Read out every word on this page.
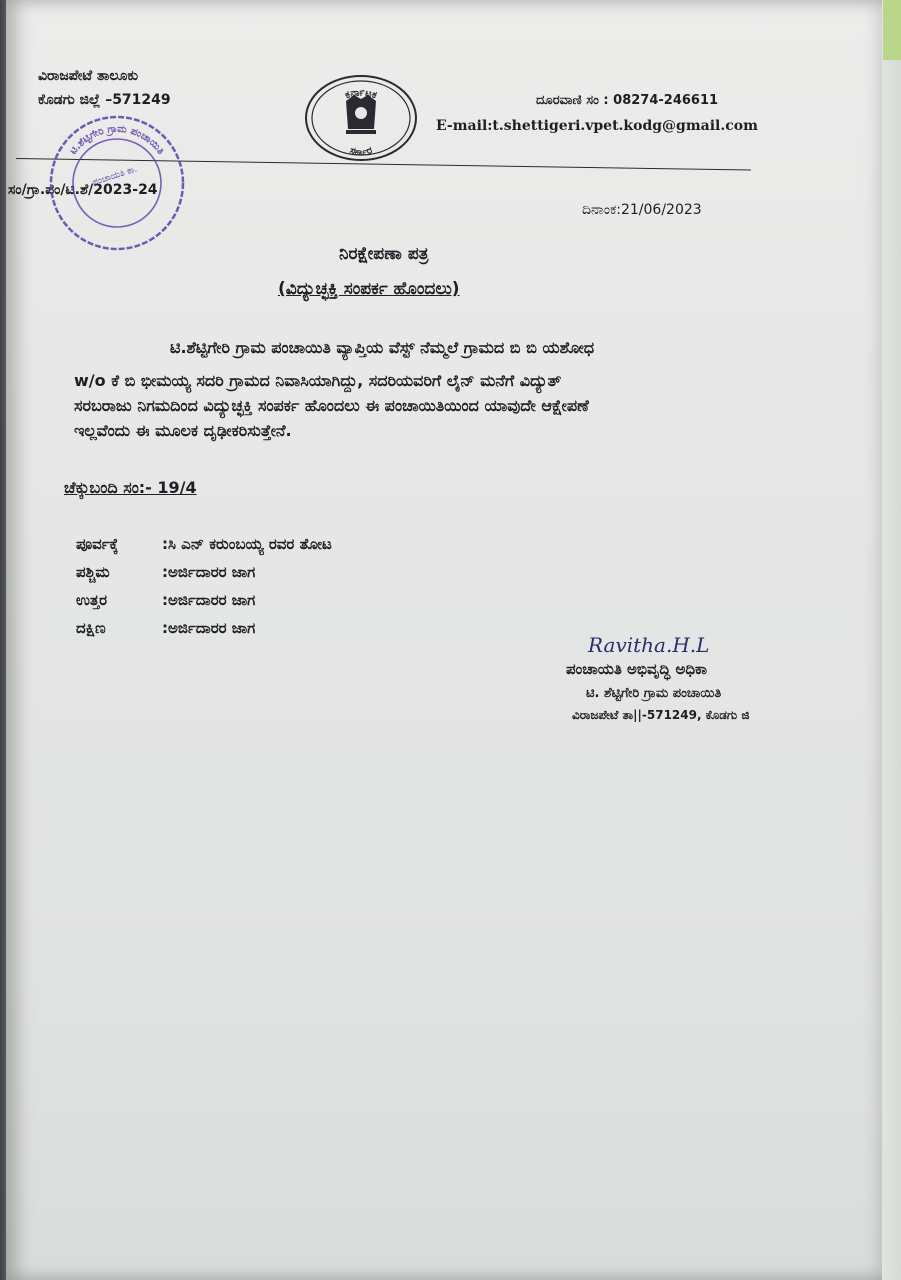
ವಿರಾಜಪೇಟೆ ತಾಲೂಕು
ಕೊಡಗು ಜಿಲ್ಲೆ –571249	ಕರ್ನಾಟಕ
ಸರ್ಕಾರ
ದೂರವಾಣಿ ಸಂ : 08274-246611
E-mail:t.shettigeri.vpet.kodg@gmail.com
ಸಂ/ಗ್ರಾ.ಪಂ/ಟಿ.ಶೆ/2023-24
ದಿನಾಂಕ:21/06/2023
ಟಿ.ಶೆಟ್ಟಿಗೇರಿ ಗ್ರಾಮ ಪಂಚಾಯಿತಿ
ಪಂಚಾಯತಿ ಕಾ.
ನಿರಕ್ಷೇಪಣಾ ಪತ್ರ
(ವಿದ್ಯುಚ್ಛಕ್ತಿ ಸಂಪರ್ಕ ಹೊಂದಲು)
ಟಿ.ಶೆಟ್ಟಿಗೇರಿ ಗ್ರಾಮ ಪಂಚಾಯಿತಿ ವ್ಯಾಪ್ತಿಯ ವೆಸ್ಟ್ ನೆಮ್ಮಲೆ ಗ್ರಾಮದ ಬಿ ಬಿ ಯಶೋಧ
w/o ಕೆ ಬಿ ಭೀಮಯ್ಯ ಸದರಿ ಗ್ರಾಮದ ನಿವಾಸಿಯಾಗಿದ್ದು, ಸದರಿಯವರಿಗೆ ಲೈನ್ ಮನೆಗೆ ವಿದ್ಯುತ್
ಸರಬರಾಜು ನಿಗಮದಿಂದ ವಿದ್ಯುಚ್ಛಕ್ತಿ ಸಂಪರ್ಕ ಹೊಂದಲು ಈ ಪಂಚಾಯಿತಿಯಿಂದ ಯಾವುದೇ ಆಕ್ಷೇಪಣೆ
ಇಲ್ಲವೆಂದು ಈ ಮೂಲಕ ದೃಢೀಕರಿಸುತ್ತೇನೆ.
ಚೆಕ್ಕುಬಂದಿ ಸಂ:- 19/4
ಪೂರ್ವಕ್ಕೆ	:ಸಿ ಎನ್ ಕರುಂಬಯ್ಯ ರವರ ತೋಟ
ಪಶ್ಚಿಮ	:ಅರ್ಜಿದಾರರ ಜಾಗ
ಉತ್ತರ	:ಅರ್ಜಿದಾರರ ಜಾಗ
ದಕ್ಷಿಣ	:ಅರ್ಜಿದಾರರ ಜಾಗ
Ravitha.H.L
ಪಂಚಾಯತಿ ಅಭಿವೃದ್ಧಿ ಅಧಿಕಾ
ಟಿ. ಶೆಟ್ಟಿಗೇರಿ ಗ್ರಾಮ ಪಂಚಾಯಿತಿ
ವಿರಾಜಪೇಟೆ ತಾ||-571249, ಕೊಡಗು ಜಿ
